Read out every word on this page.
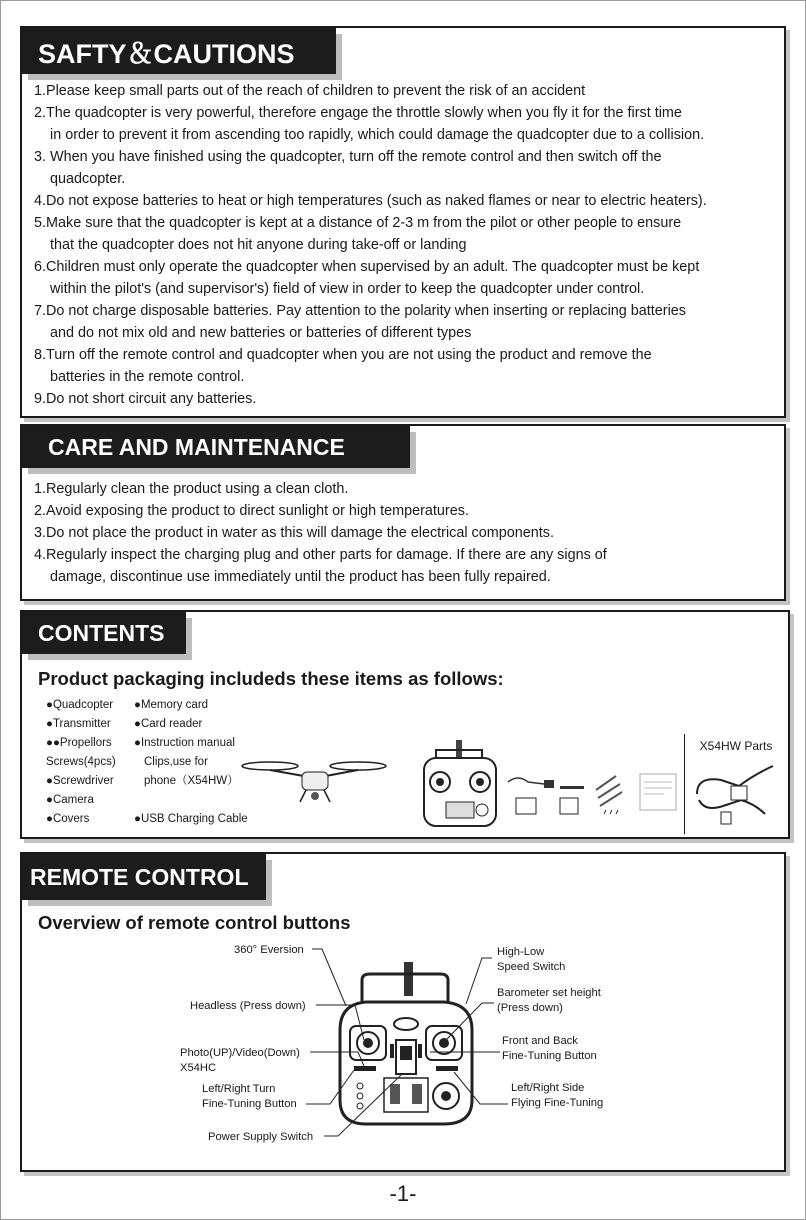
SAFTY＆CAUTIONS
1.Please keep small parts out of the reach of children to prevent the risk of an accident
2.The quadcopter is very powerful, therefore engage the throttle slowly when you fly it for the first time
in order to prevent it from ascending too rapidly, which could damage the quadcopter due to a collision.
3. When you have finished using the quadcopter, turn off the remote control and then switch off the
quadcopter.
4.Do not expose batteries to heat or high temperatures (such as naked flames or near to electric heaters).
5.Make sure that the quadcopter is kept at a distance of 2-3 m from the pilot or other people to ensure
that the quadcopter does not hit anyone during take-off or landing
6.Children must only operate the quadcopter when supervised by an adult. The quadcopter must be kept
within the pilot's (and supervisor's) field of view in order to keep the quadcopter under control.
7.Do not charge disposable batteries. Pay attention to the polarity when inserting or replacing batteries
and do not mix old and new batteries or batteries of different types
8.Turn off the remote control and quadcopter when you are not using the product and remove the
batteries in the remote control.
9.Do not short circuit any batteries.
CARE AND MAINTENANCE
1.Regularly clean the product using a clean cloth.
2.Avoid exposing the product to direct sunlight or high temperatures.
3.Do not place the product in water as this will damage the electrical components.
4.Regularly inspect the charging plug and other parts for damage. If there are any signs of
damage, discontinue use immediately until the product has been fully repaired.
CONTENTS
Product packaging includeds these items as follows:
●Quadcopter
●Transmitter
●●Propellors
Screws(4pcs)
●Screwdriver
●Camera
●Covers
●Memory card
●Card reader
●Instruction manual
Clips,use for
phone（X54HW）

●USB Charging Cable
X54HW Parts
REMOTE CONTROL
Overview of remote control buttons
360° Eversion
Headless (Press down)
Photo(UP)/Video(Down)
X54HC
Left/Right Turn
Fine-Tuning Button
Power Supply Switch
High-Low
Speed Switch
Barometer set height
(Press down)
Front and Back
Fine-Tuning Button
Left/Right Side
Flying Fine-Tuning
-1-
